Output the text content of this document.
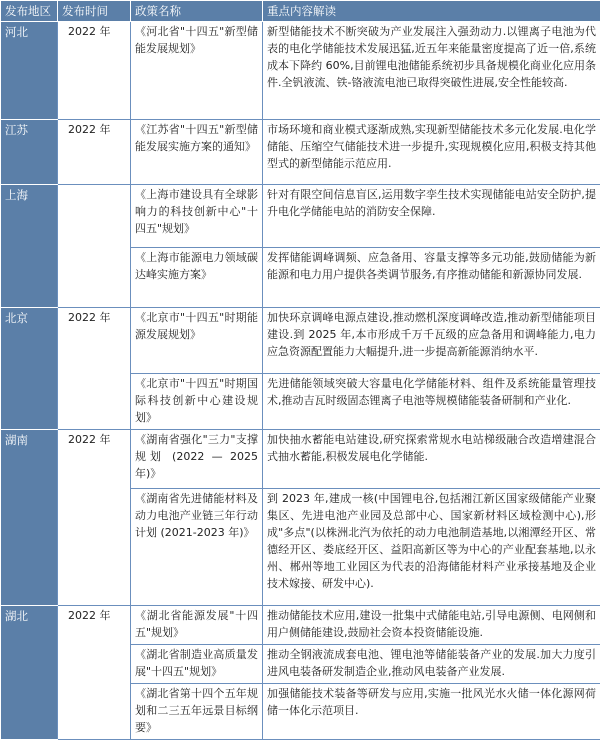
发布地区	发布时间	政策名称	重点内容解读
河北	2022 年	《河北省"十四五"新型储能发展规划》	新型储能技术不断突破为产业发展注入强劲动力.以锂离子电池为代表的电化学储能技术发展迅猛,近五年来能量密度提高了近一倍,系统成本下降约 60%,目前锂电池储能系统初步具备规模化商业化应用条件.全钒液流、铁-铬液流电池已取得突破性进展,安全性能较高.
江苏	2022 年	《江苏省"十四五"新型储能发展实施方案的通知》	市场环境和商业模式逐渐成熟,实现新型储能技术多元化发展.电化学储能、压缩空气储能技术进一步提升,实现规模化应用,积极支持其他型式的新型储能示范应用.
上海		《上海市建设具有全球影响力的科技创新中心"十四五"规划》	针对有限空间信息盲区,运用数字孪生技术实现储能电站安全防护,提升电化学储能电站的消防安全保障.
		《上海市能源电力领域碳达峰实施方案》	发挥储能调峰调频、应急备用、容量支撑等多元功能,鼓励储能为新能源和电力用户提供各类调节服务,有序推动储能和新源协同发展.
北京	2022 年	《北京市"十四五"时期能源发展规划》	加快环京调峰电源点建设,推动燃机深度调峰改造,推动新型储能项目建设.到 2025 年,本市形成千万千瓦级的应急备用和调峰能力,电力应急资源配置能力大幅提升,进一步提高新能源消纳水平.
		《北京市"十四五"时期国际科技创新中心建设规划》	先进储能领域突破大容量电化学储能材料、组件及系统能量管理技术,推动吉瓦时级固态锂离子电池等规模储能装备研制和产业化.
湖南	2022 年	《湖南省强化"三力"支撑规划 (2022 — 2025 年)》	加快抽水蓄能电站建设,研究探索常规水电站梯级融合改造增建混合式抽水蓄能,积极发展电化学储能.
		《湖南省先进储能材料及动力电池产业链三年行动计划 (2021-2023 年)》	到 2023 年,建成一核(中国锂电谷,包括湘江新区国家级储能产业聚集区、先进电池产业园及总部中心、国家新材料区域检测中心),形成"多点"(以株洲北汽为依托的动力电池制造基地,以湘潭经开区、常德经开区、娄底经开区、益阳高新区等为中心的产业配套基地,以永州、郴州等地工业园区为代表的沿海储能材料产业承接基地及企业技术嫁接、研发中心).
湖北	2022 年	《湖北省能源发展"十四五"规划》	推动储能技术应用,建设一批集中式储能电站,引导电源侧、电网侧和用户侧储能建设,鼓励社会资本投资储能设施.
		《湖北省制造业高质量发展"十四五"规划》	推动全钢液流成套电池、锂电池等储能装备产业的发展.加大力度引进风电装备研发制造企业,推动风电装备产业发展.
		《湖北省第十四个五年规划和二三五年远景目标纲要》	加强储能技术装备等研发与应用,实施一批风光水火储一体化源网荷储一体化示范项目.
